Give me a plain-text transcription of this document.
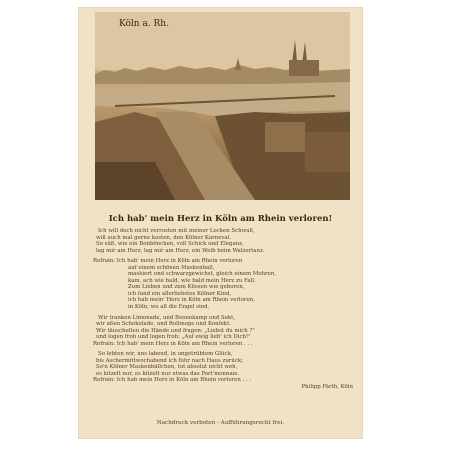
Köln a. Rh.
Ich hab' mein Herz in Köln am Rhein verloren!
Ich will doch nicht verrosten mit meiner Locken Schwall,
will auch mal gerne kosten, den Kölner Karneval.
So süß, wie ein Bonbönchen, voll Schick und Eleganz,
lag mir am Herz, lag mir am Herz, ein Weib beim Walzertanz.
Refrain: Ich hab' mein Herz in Köln am Rhein verloren
auf einem schönen Maskenball,
maskiert und schwarzgewichst, gleich einem Mohren,
kam, ach wie bald, wie bald mein Herz zu Fall.
Zum Lieben und zum Küssen wie geboren,
ich fand ein allerliebstes Kölner Kind,
ich hab mein' Herz in Köln am Rhein verloren,
in Köln, wo all die Engel sind.
Wir tranken Limonade, und Boonekamp und Sekt,
wir aßen Schokolade, und Rollmops und Konfekt.
Wir täuschelten die Hände und fragen: „Liebst du mich ?"
und logen froh und logen froh: „Auf ewig lieb' ich Dich!"
Refrain: Ich hab' mein Herz in Köln am Rhein verloren . . .
So lebten wir, uns labend, in ungetrübtem Glück,
bis Aschermittwochabend ich fuhr nach Haus zurück;
So'n Kölner Maskenbällchen, tut absolut nicht weh,
es kitzelt nur, es kitzelt nur etwas das Port'monnaie.
Refrain: Ich hab mein Herz in Köln am Rhein verloren . . .
Philipp Färth, Köln
Nachdruck verboten - Aufführungsrecht frei.
